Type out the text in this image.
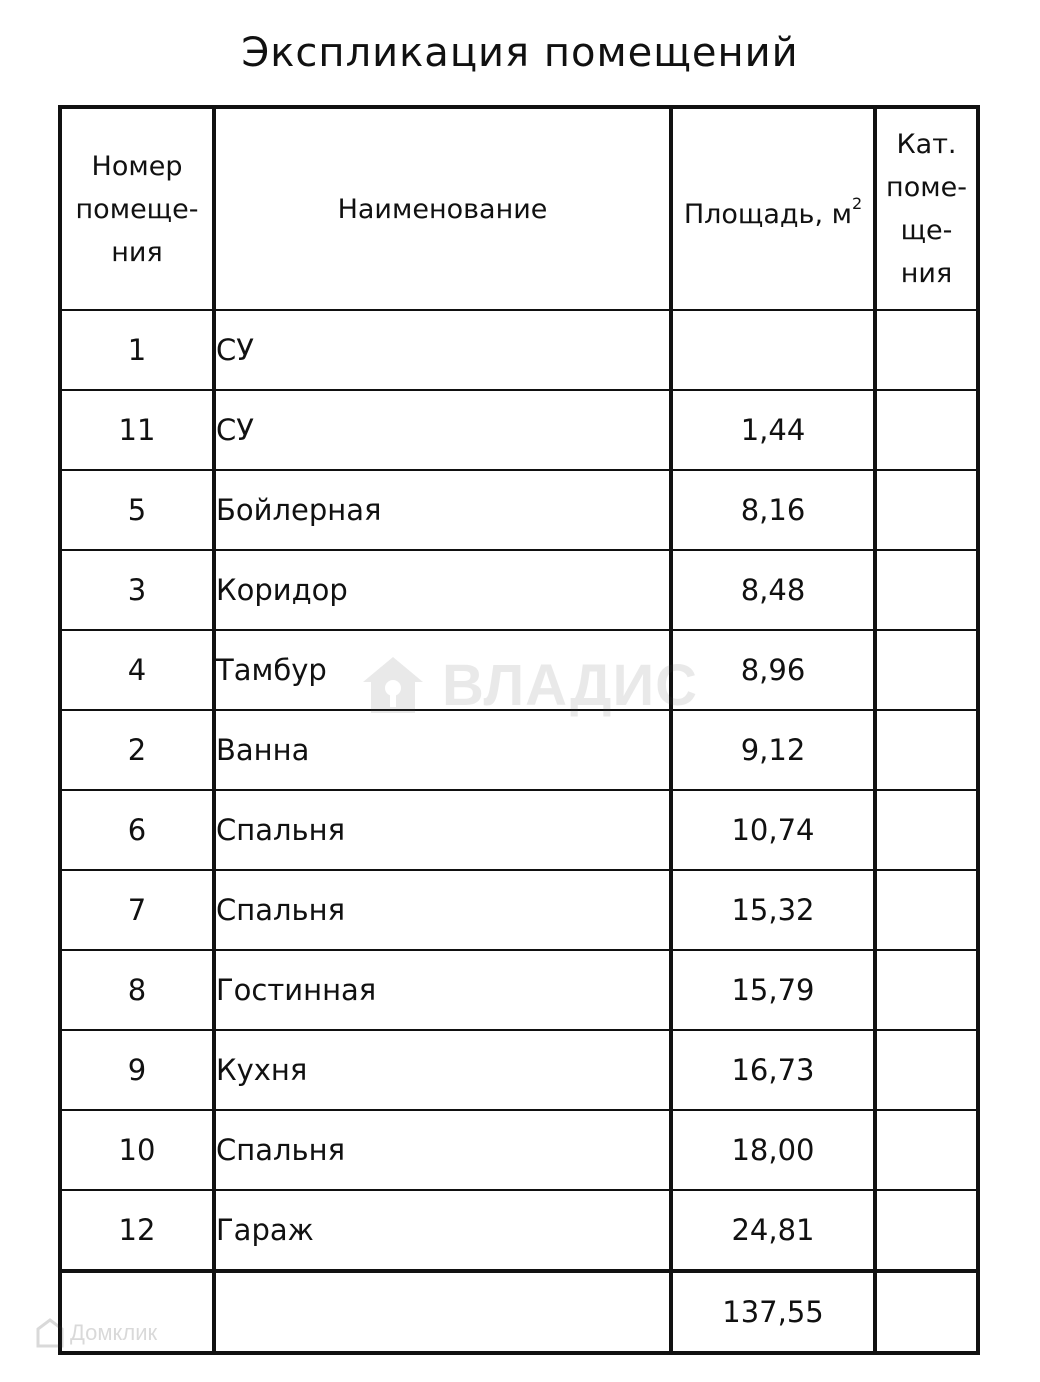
Экспликация помещений
Номер
помеще-
ния	Наименование	Площадь, $м^2$	Кат.
поме-
ще-
ния
1	СУ		
11	СУ	1,44	
5	Бойлерная	8,16	
3	Коридор	8,48	
4	Тамбур	8,96	
2	Ванна	9,12	
6	Спальня	10,74	
7	Спальня	15,32	
8	Гостинная	15,79	
9	Кухня	16,73	
10	Спальня	18,00	
12	Гараж	24,81	
		137,55	
ВЛАДИС
Домклик
